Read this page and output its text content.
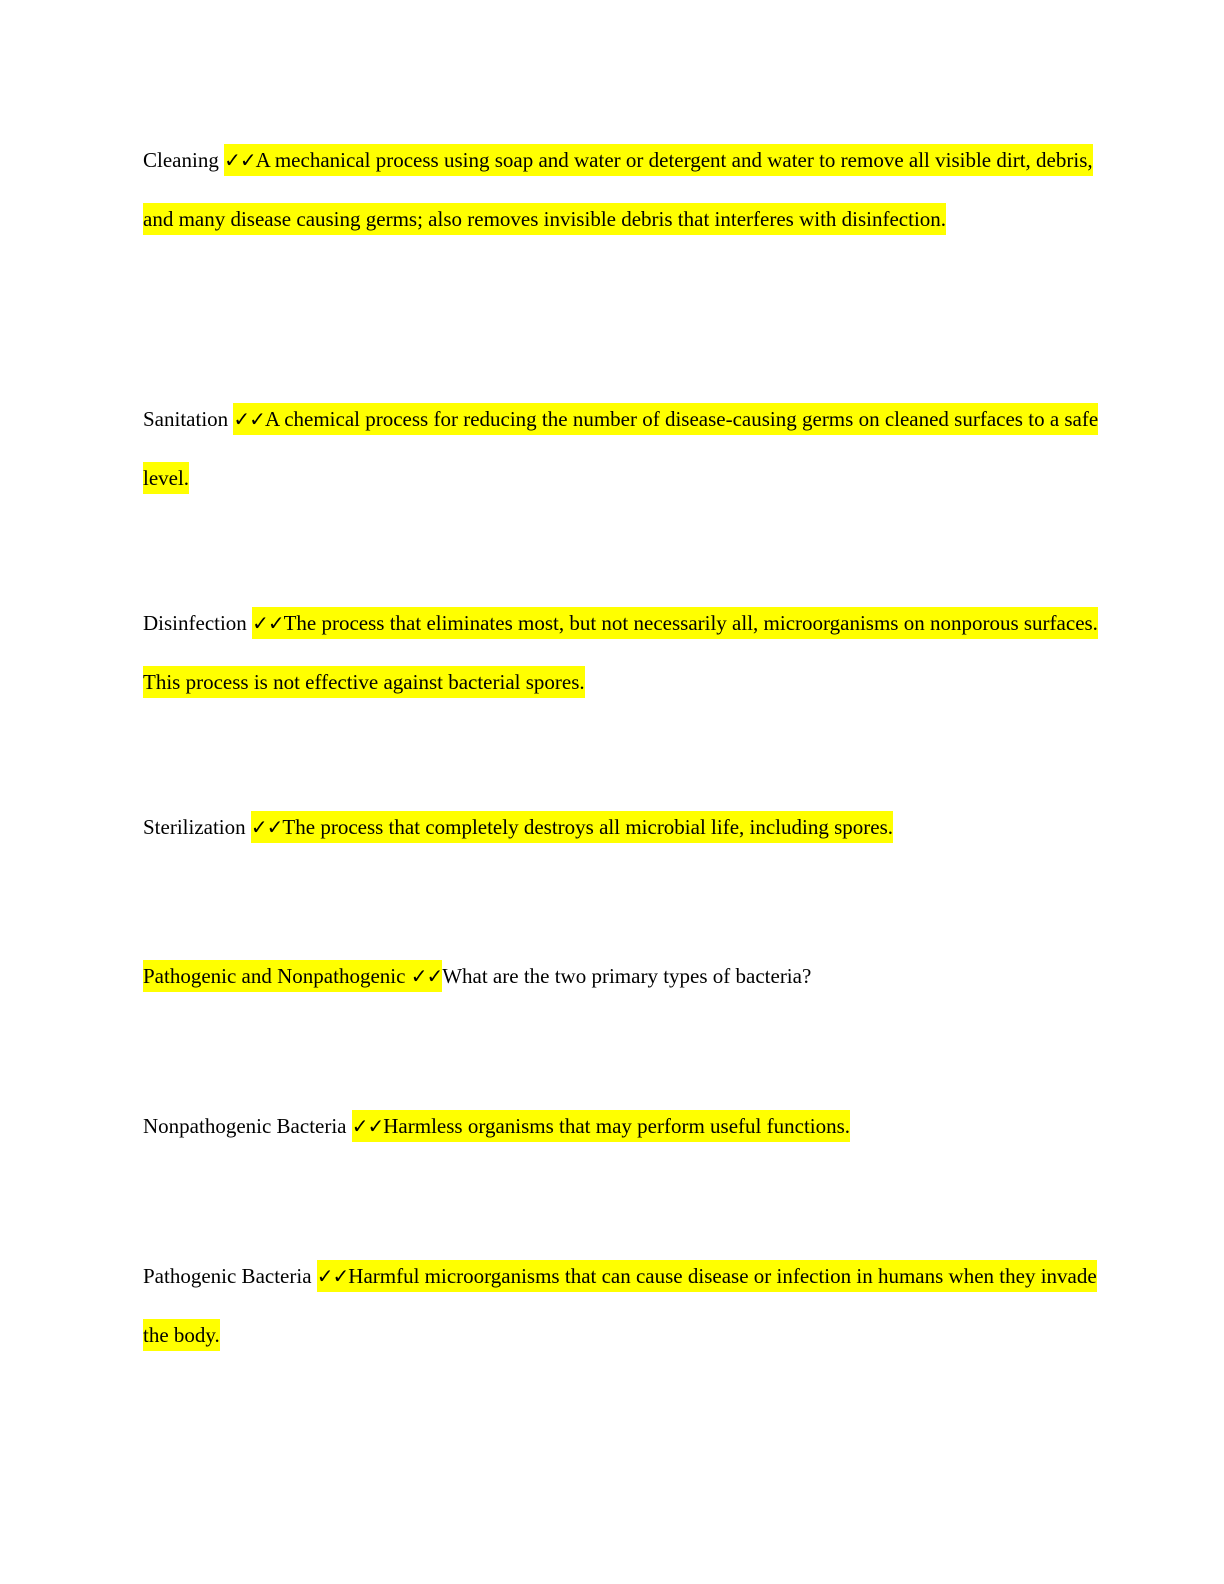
Cleaning ✓✓A mechanical process using soap and water or detergent and water to remove all visible dirt, debris, and many disease causing germs; also removes invisible debris that interferes with disinfection.
Sanitation ✓✓A chemical process for reducing the number of disease-causing germs on cleaned surfaces to a safe level.
Disinfection ✓✓The process that eliminates most, but not necessarily all, microorganisms on nonporous surfaces. This process is not effective against bacterial spores.
Sterilization ✓✓The process that completely destroys all microbial life, including spores.
Pathogenic and Nonpathogenic ✓✓What are the two primary types of bacteria?
Nonpathogenic Bacteria ✓✓Harmless organisms that may perform useful functions.
Pathogenic Bacteria ✓✓Harmful microorganisms that can cause disease or infection in humans when they invade the body.
